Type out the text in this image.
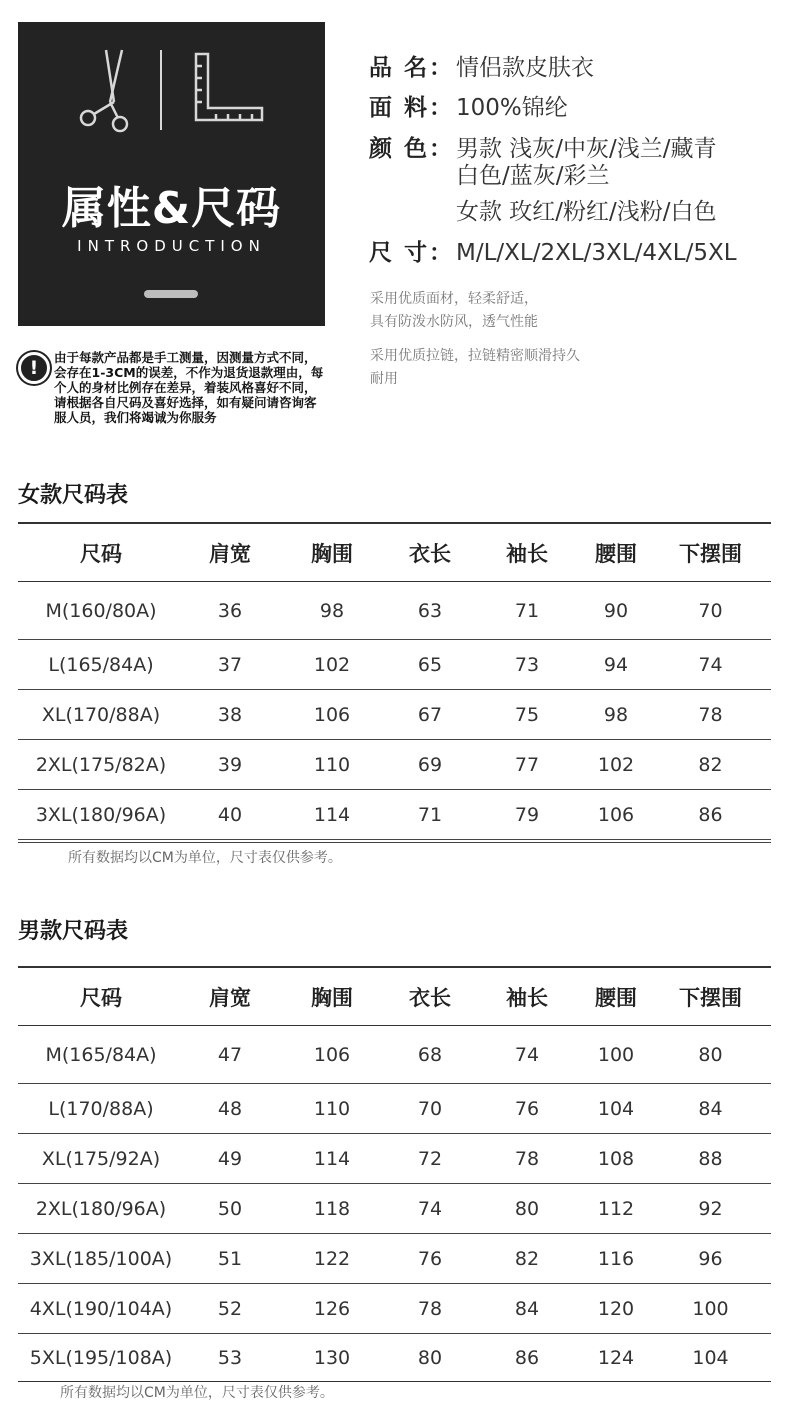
属性&尺码
INTRODUCTION
品 名： 情侣款皮肤衣
面 料： 100%锦纶
颜 色： 男款 浅灰/中灰/浅兰/藏青
白色/蓝灰/彩兰
女款 玫红/粉红/浅粉/白色
尺 寸： M/L/XL/2XL/3XL/4XL/5XL

采用优质面材，轻柔舒适，
具有防泼水防风，透气性能

采用优质拉链，拉链精密顺滑持久
耐用

!	由于每款产品都是手工测量，因测量方式不同，会存在1-3CM的误差，不作为退货退款理由，每个人的身材比例存在差异，着装风格喜好不同，请根据各自尺码及喜好选择，如有疑问请咨询客服人员，我们将竭诚为你服务
女款尺码表
尺码	肩宽	胸围	衣长	袖长	腰围	下摆围
M(160/80A)	36	98	63	71	90	70
L(165/84A)	37	102	65	73	94	74
XL(170/88A)	38	106	67	75	98	78
2XL(175/82A)	39	110	69	77	102	82
3XL(180/96A)	40	114	71	79	106	86
所有数据均以CM为单位，尺寸表仅供参考。
男款尺码表
尺码	肩宽	胸围	衣长	袖长	腰围	下摆围
M(165/84A)	47	106	68	74	100	80
L(170/88A)	48	110	70	76	104	84
XL(175/92A)	49	114	72	78	108	88
2XL(180/96A)	50	118	74	80	112	92
3XL(185/100A)	51	122	76	82	116	96
4XL(190/104A)	52	126	78	84	120	100
5XL(195/108A)	53	130	80	86	124	104
所有数据均以CM为单位，尺寸表仅供参考。
